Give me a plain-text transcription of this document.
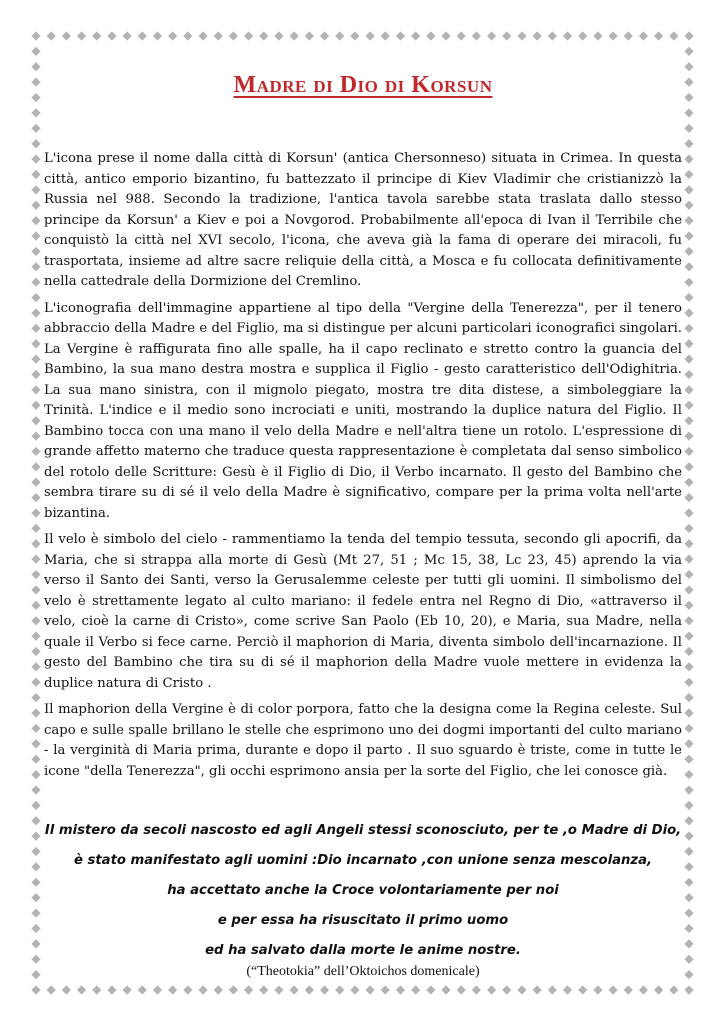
Madre di Dio di Korsun

L'icona prese il nome dalla città di Korsun' (antica Chersonneso) situata in Crimea. In questa città, antico emporio bizantino, fu battezzato il principe di Kiev Vladimir che cristianizzò la Russia nel 988. Secondo la tradizione, l'antica tavola sarebbe stata traslata dallo stesso principe da Korsun' a Kiev e poi a Novgorod. Probabilmente all'epoca di Ivan il Terribile che conquistò la città nel XVI secolo, l'icona, che aveva già la fama di operare dei miracoli, fu trasportata, insieme ad altre sacre reliquie della città, a Mosca e fu collocata definitivamente nella cattedrale della Dormizione del Cremlino.

L'iconografia dell'immagine appartiene al tipo della "Vergine della Tenerezza", per il tenero abbraccio della Madre e del Figlio, ma si distingue per alcuni particolari iconografici singolari. La Vergine è raffigurata fino alle spalle, ha il capo reclinato e stretto contro la guancia del Bambino, la sua mano destra mostra e supplica il Figlio - gesto caratteristico dell'Odighitria. La sua mano sinistra, con il mignolo piegato, mostra tre dita distese, a simboleggiare la Trinità. L'indice e il medio sono incrociati e uniti, mostrando la duplice natura del Figlio. Il Bambino tocca con una mano il velo della Madre e nell'altra tiene un rotolo. L'espressione di grande affetto materno che traduce questa rappresentazione è completata dal senso simbolico del rotolo delle Scritture: Gesù è il Figlio di Dio, il Verbo incarnato. Il gesto del Bambino che sembra tirare su di sé il velo della Madre è significativo, compare per la prima volta nell'arte bizantina.

Il velo è simbolo del cielo - rammentiamo la tenda del tempio tessuta, secondo gli apocrifi, da Maria, che si strappa alla morte di Gesù (Mt 27, 51 ; Mc 15, 38, Lc 23, 45) aprendo la via verso il Santo dei Santi, verso la Gerusalemme celeste per tutti gli uomini. Il simbolismo del velo è strettamente legato al culto mariano: il fedele entra nel Regno di Dio, «attraverso il velo, cioè la carne di Cristo», come scrive San Paolo (Eb 10, 20), e Maria, sua Madre, nella quale il Verbo si fece carne. Perciò il maphorion di Maria, diventa simbolo dell'incarnazione. Il gesto del Bambino che tira su di sé il maphorion della Madre vuole mettere in evidenza la duplice natura di Cristo .

Il maphorion della Vergine è di color porpora, fatto che la designa come la Regina celeste. Sul capo e sulle spalle brillano le stelle che esprimono uno dei dogmi importanti del culto mariano - la verginità di Maria prima, durante e dopo il parto . Il suo sguardo è triste, come in tutte le icone "della Tenerezza", gli occhi esprimono ansia per la sorte del Figlio, che lei conosce già.

Il mistero da secoli nascosto ed agli Angeli stessi sconosciuto, per te ,o Madre di Dio,
è stato manifestato agli uomini :Dio incarnato ,con unione senza mescolanza,
ha accettato anche la Croce volontariamente per noi
e per essa ha risuscitato il primo uomo
ed ha salvato dalla morte le anime nostre.
(“Theotokia” dell’Oktoichos domenicale)
